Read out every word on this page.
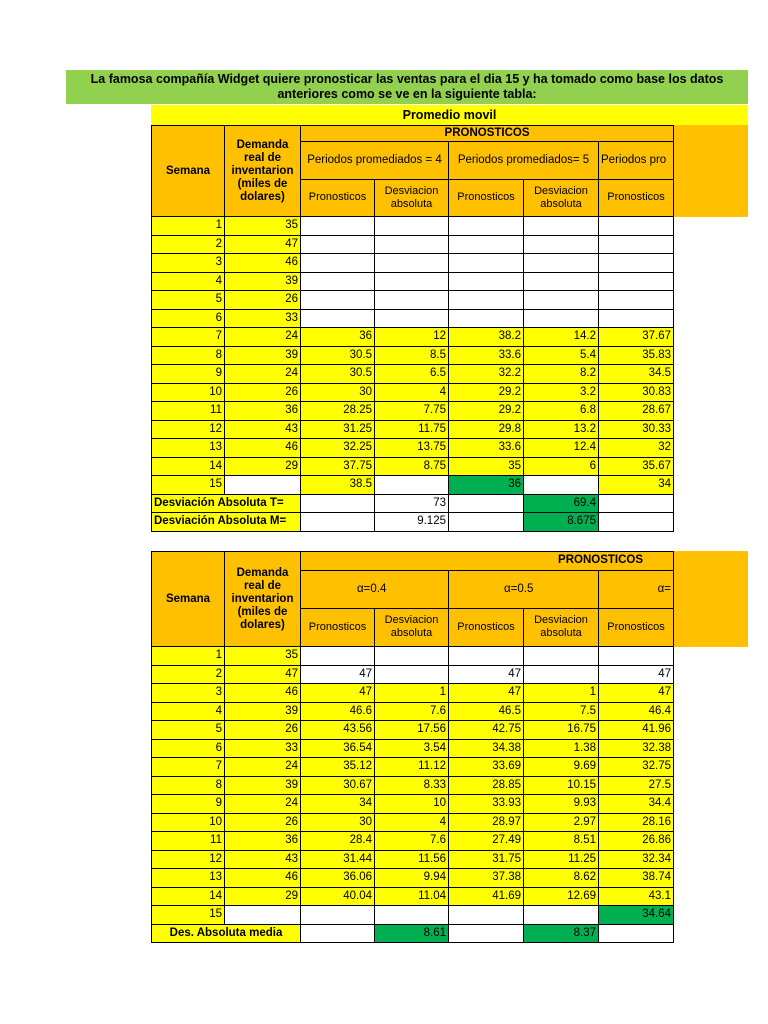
La famosa compañía Widget quiere pronosticar las ventas para el dia 15 y ha tomado como base los datos anteriores como se ve en la siguiente tabla:
Promedio movil
Semana	Demanda real de inventarion (miles de dolares)	PRONOSTICOS				
		Periodos promediados = 4		Periodos promediados= 5		Periodos pro
		Pronosticos	Desviacion absoluta	Pronosticos	Desviacion absoluta	Pronosticos
1	35					
2	47					
3	46					
4	39					
5	26					
6	33					
7	24	36	12	38.2	14.2	37.67
8	39	30.5	8.5	33.6	5.4	35.83
9	24	30.5	6.5	32.2	8.2	34.5
10	26	30	4	29.2	3.2	30.83
11	36	28.25	7.75	29.2	6.8	28.67
12	43	31.25	11.75	29.8	13.2	30.33
13	46	32.25	13.75	33.6	12.4	32
14	29	37.75	8.75	35	6	35.67
15		38.5		36		34
Desviación Absoluta T=			73		69.4	
Desviación Absoluta M=			9.125		8.675	
Semana	Demanda real de inventarion (miles de dolares)	PRONOSTICOS				
		α=0.4		α=0.5		α=
		Pronosticos	Desviacion absoluta	Pronosticos	Desviacion absoluta	Pronosticos
1	35					
2	47	47		47		47
3	46	47	1	47	1	47
4	39	46.6	7.6	46.5	7.5	46.4
5	26	43.56	17.56	42.75	16.75	41.96
6	33	36.54	3.54	34.38	1.38	32.38
7	24	35.12	11.12	33.69	9.69	32.75
8	39	30.67	8.33	28.85	10.15	27.5
9	24	34	10	33.93	9.93	34.4
10	26	30	4	28.97	2.97	28.16
11	36	28.4	7.6	27.49	8.51	26.86
12	43	31.44	11.56	31.75	11.25	32.34
13	46	36.06	9.94	37.38	8.62	38.74
14	29	40.04	11.04	41.69	12.69	43.1
15						34.64
Des. Absoluta media			8.61		8.37	
